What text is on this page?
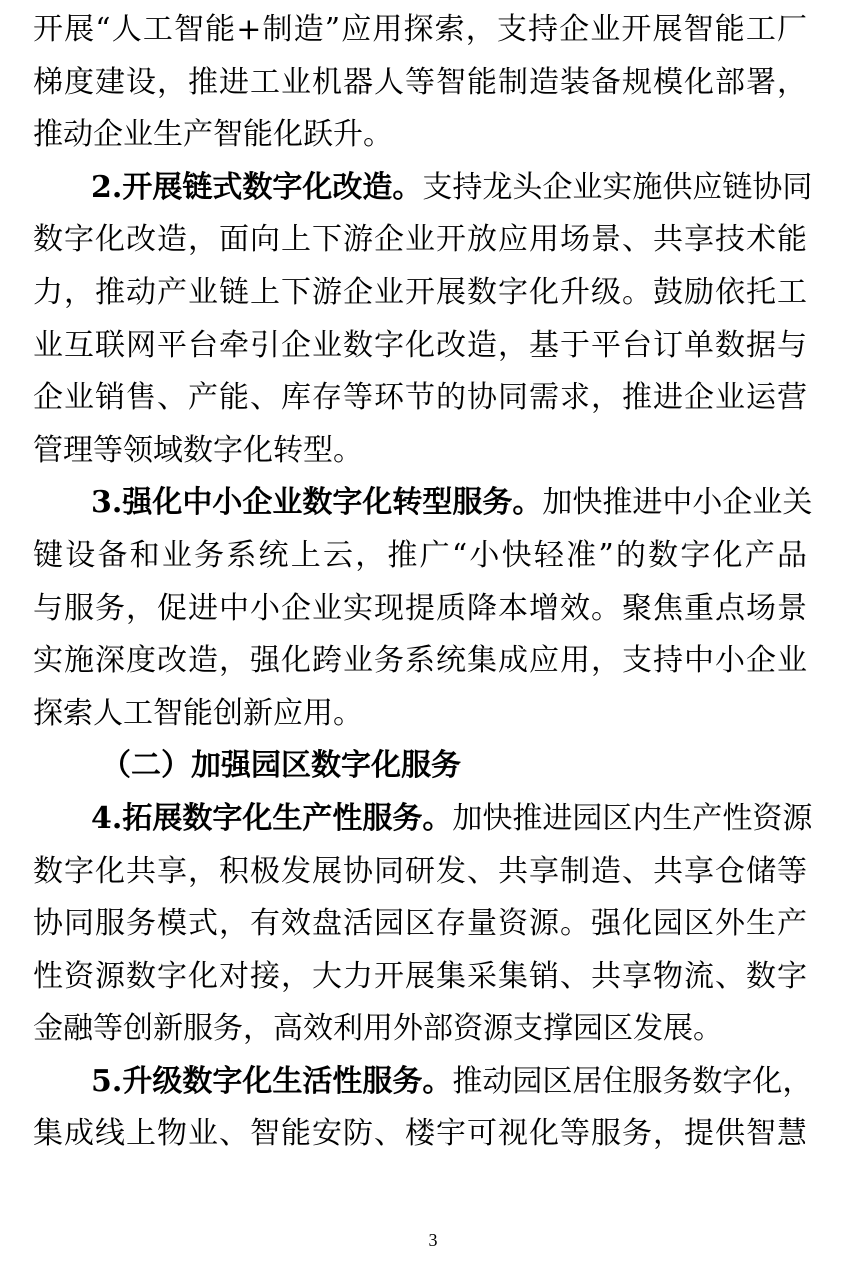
开展“人工智能+制造”应用探索，支持企业开展智能工厂
梯度建设，推进工业机器人等智能制造装备规模化部署，
推动企业生产智能化跃升。
2.开展链式数字化改造。支持龙头企业实施供应链协同
数字化改造，面向上下游企业开放应用场景、共享技术能
力，推动产业链上下游企业开展数字化升级。鼓励依托工
业互联网平台牵引企业数字化改造，基于平台订单数据与
企业销售、产能、库存等环节的协同需求，推进企业运营
管理等领域数字化转型。
3.强化中小企业数字化转型服务。加快推进中小企业关
键设备和业务系统上云，推广“小快轻准”的数字化产品
与服务，促进中小企业实现提质降本增效。聚焦重点场景
实施深度改造，强化跨业务系统集成应用，支持中小企业
探索人工智能创新应用。
（二）加强园区数字化服务
4.拓展数字化生产性服务。加快推进园区内生产性资源
数字化共享，积极发展协同研发、共享制造、共享仓储等
协同服务模式，有效盘活园区存量资源。强化园区外生产
性资源数字化对接，大力开展集采集销、共享物流、数字
金融等创新服务，高效利用外部资源支撑园区发展。
5.升级数字化生活性服务。推动园区居住服务数字化，
集成线上物业、智能安防、楼宇可视化等服务，提供智慧
3
